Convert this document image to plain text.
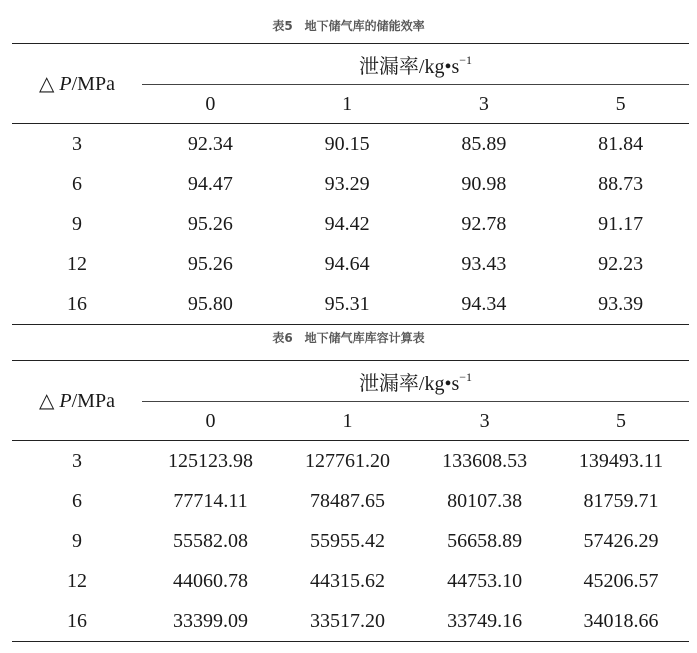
表5　地下储气库的储能效率
△ P/MPa	泄漏率$/kg•s^{-1}$
	0	1	3	5
3	92.34	90.15	85.89	81.84
6	94.47	93.29	90.98	88.73
9	95.26	94.42	92.78	91.17
12	95.26	94.64	93.43	92.23
16	95.80	95.31	94.34	93.39
表6　地下储气库库容计算表
△ P/MPa	泄漏率$/kg•s^{-1}$
	0	1	3	5
3	125123.98	127761.20	133608.53	139493.11
6	77714.11	78487.65	80107.38	81759.71
9	55582.08	55955.42	56658.89	57426.29
12	44060.78	44315.62	44753.10	45206.57
16	33399.09	33517.20	33749.16	34018.66
